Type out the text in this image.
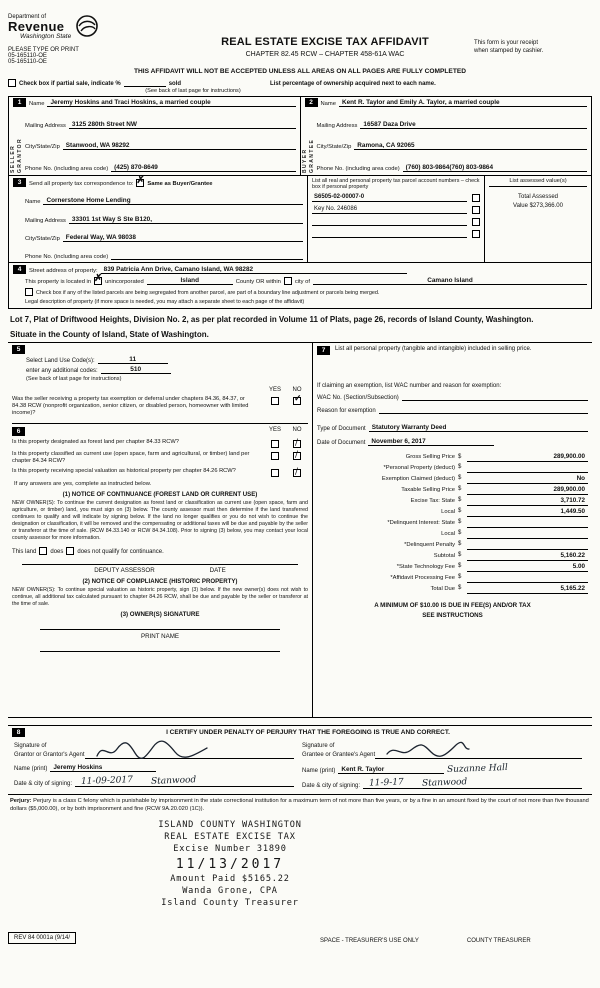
Department of
Revenue
Washington State
PLEASE TYPE OR PRINT
05-165110-OE
05-165110-OE
REAL ESTATE EXCISE TAX AFFIDAVIT
CHAPTER 82.45 RCW – CHAPTER 458-61A WAC
This form is your receipt
when stamped by cashier.
THIS AFFIDAVIT WILL NOT BE ACCEPTED UNLESS ALL AREAS ON ALL PAGES ARE FULLY COMPLETED
Check box if partial sale, indicate %	sold	List percentage of ownership acquired next to each name.
(See back of last page for instructions)
SELLER GRANTOR
1	Name Jeremy Hoskins and Traci Hoskins, a married couple
Mailing Address 3125 280th Street NW
City/State/Zip Stanwood, WA 98292
Phone No. (including area code) (425) 870-8649	BUYER GRANTEE
2	Name Kent R. Taylor and Emily A. Taylor, a married couple
Mailing Address 16587 Daza Drive
City/State/Zip Ramona, CA 92065
Phone No. (including area code) (760) 803-9864(760) 803-9864
3	Send all property tax correspondence to: ✗ Same as Buyer/Grantee
Name Cornerstone Home Lending
Mailing Address 33301 1st Way S Ste B120,
City/State/Zip Federal Way, WA 98038
Phone No. (including area code)
List all real and personal property tax parcel account numbers – check box if personal property
S6505-02-00007-0
Key No. 246086
List assessed value(s)
Total Assessed
Value $273,366.00
4	Street address of property: 839 Patricia Ann Drive, Camano Island, WA 98282
This property is located in ✗ unincorporated	Island	County OR within city of	Camano Island
Check box if any of the listed parcels are being segregated from another parcel, are part of a boundary line adjustment or parcels being merged.
Legal description of property (if more space is needed, you may attach a separate sheet to each page of the affidavit)
Lot 7, Plat of Driftwood Heights, Division No. 2, as per plat recorded in Volume 11 of Plats, page 26, records of Island County, Washington.
Situate in the County of Island, State of Washington.
5
Select Land Use Code(s):	11
enter any additional codes:	510
(See back of last page for instructions)
YES	NO
Was the seller receiving a property tax exemption or deferral under chapters 84.36, 84.37, or 84.38 RCW (nonprofit organization, senior citizen, or disabled person, homeowner with limited income)?
✓
6	YES	NO
Is this property designated as forest land per chapter 84.33 RCW?	∕
Is this property classified as current use (open space, farm and agricultural, or timber) land per chapter 84.34 RCW?
∕
Is this property receiving special valuation as historical property per chapter 84.26 RCW?	∕
If any answers are yes, complete as instructed below.
(1) NOTICE OF CONTINUANCE (FOREST LAND OR CURRENT USE)
NEW OWNER(S): To continue the current designation as forest land or classification as current use (open space, farm and agriculture, or timber) land, you must sign on (3) below. The county assessor must then determine if the land transferred continues to qualify and will indicate by signing below. If the land no longer qualifies or you do not wish to continue the designation or classification, it will be removed and the compensating or additional taxes will be due and payable by the seller or transferor at the time of sale. (RCW 84.33.140 or RCW 84.34.108). Prior to signing (3) below, you may contact your local county assessor for more information.
This land does does not qualify for continuance.
DEPUTY ASSESSOR	DATE
(2) NOTICE OF COMPLIANCE (HISTORIC PROPERTY)
NEW OWNER(S): To continue special valuation as historic property, sign (3) below. If the new owner(s) does not wish to continue, all additional tax calculated pursuant to chapter 84.26 RCW, shall be due and payable by the seller or transferor at the time of sale.
(3) OWNER(S) SIGNATURE
PRINT NAME
7	List all personal property (tangible and intangible) included in selling price.
If claiming an exemption, list WAC number and reason for exemption:
WAC No. (Section/Subsection)
Reason for exemption
Type of Document Statutory Warranty Deed
Date of Document November 6, 2017
Gross Selling Price	$	289,900.00
*Personal Property (deduct)	$	
Exemption Claimed (deduct)	$	No
Taxable Selling Price	$	289,900.00
Excise Tax: State	$	3,710.72
Local	$	1,449.50
*Delinquent Interest: State	$	
Local	$	
*Delinquent Penalty	$	
Subtotal	$	5,160.22
*State Technology Fee	$	5.00
*Affidavit Processing Fee	$	
Total Due	$	5,165.22
A MINIMUM OF $10.00 IS DUE IN FEE(S) AND/OR TAX
SEE INSTRUCTIONS
8	I CERTIFY UNDER PENALTY OF PERJURY THAT THE FOREGOING IS TRUE AND CORRECT.
Signature of
Grantor or Grantor's Agent
Name (print) Jeremy Hoskins
Date & city of signing: 11-09-2017 Stanwood
Signature of
Grantee or Grantee's Agent
Name (print) Kent R. Taylor	Suzanne Hall
Date & city of signing: 11-9-17 Stanwood
Perjury: Perjury is a class C felony which is punishable by imprisonment in the state correctional institution for a maximum term of not more than five years, or by a fine in an amount fixed by the court of not more than five thousand dollars ($5,000.00), or by both imprisonment and fine (RCW 9A.20.020 (1C)).
ISLAND COUNTY WASHINGTON
REAL ESTATE EXCISE TAX
Excise Number 31890
11/13/2017
Amount Paid $5165.22
Wanda Grone, CPA
Island County Treasurer
REV 84 0001a (9/14/	SPACE - TREASURER'S USE ONLY	COUNTY TREASURER
